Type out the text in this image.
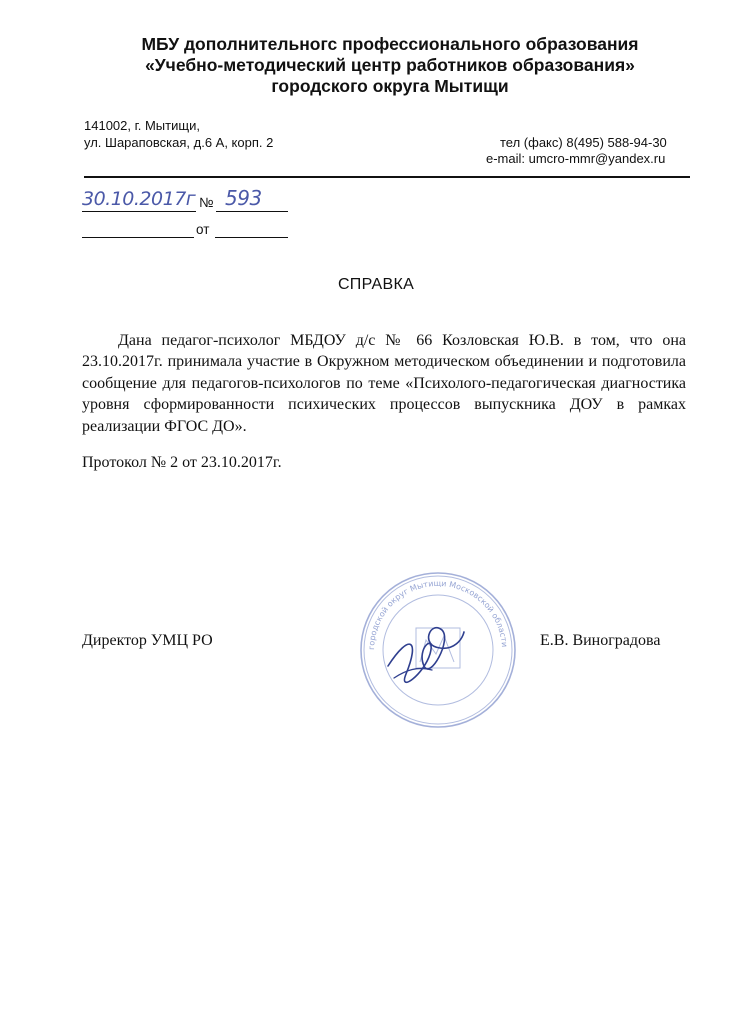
МБУ дополнительногс профессионального образования
«Учебно-методический центр работников образования»
городского округа Мытищи
141002, г. Мытищи,
ул. Шараповская, д.6 А, корп. 2	тел (факс) 8(495) 588-94-30
e-mail: umcro-mmr@yandex.ru
30.10.2017г № 593
от
СПРАВКА
Дана педагог-психолог МБДОУ д/с № 66 Козловская Ю.В. в том, что она 23.10.2017г. принимала участие в Окружном методическом объединении и подготовила сообщение для педагогов-психологов по теме «Психолого-педагогическая диагностика уровня сформированности психических процессов выпускника ДОУ в рамках реализации ФГОС ДО».
Протокол № 2 от 23.10.2017г.
Директор УМЦ РО	Е.В. Виноградова
городской округ Мытищи Московской области
